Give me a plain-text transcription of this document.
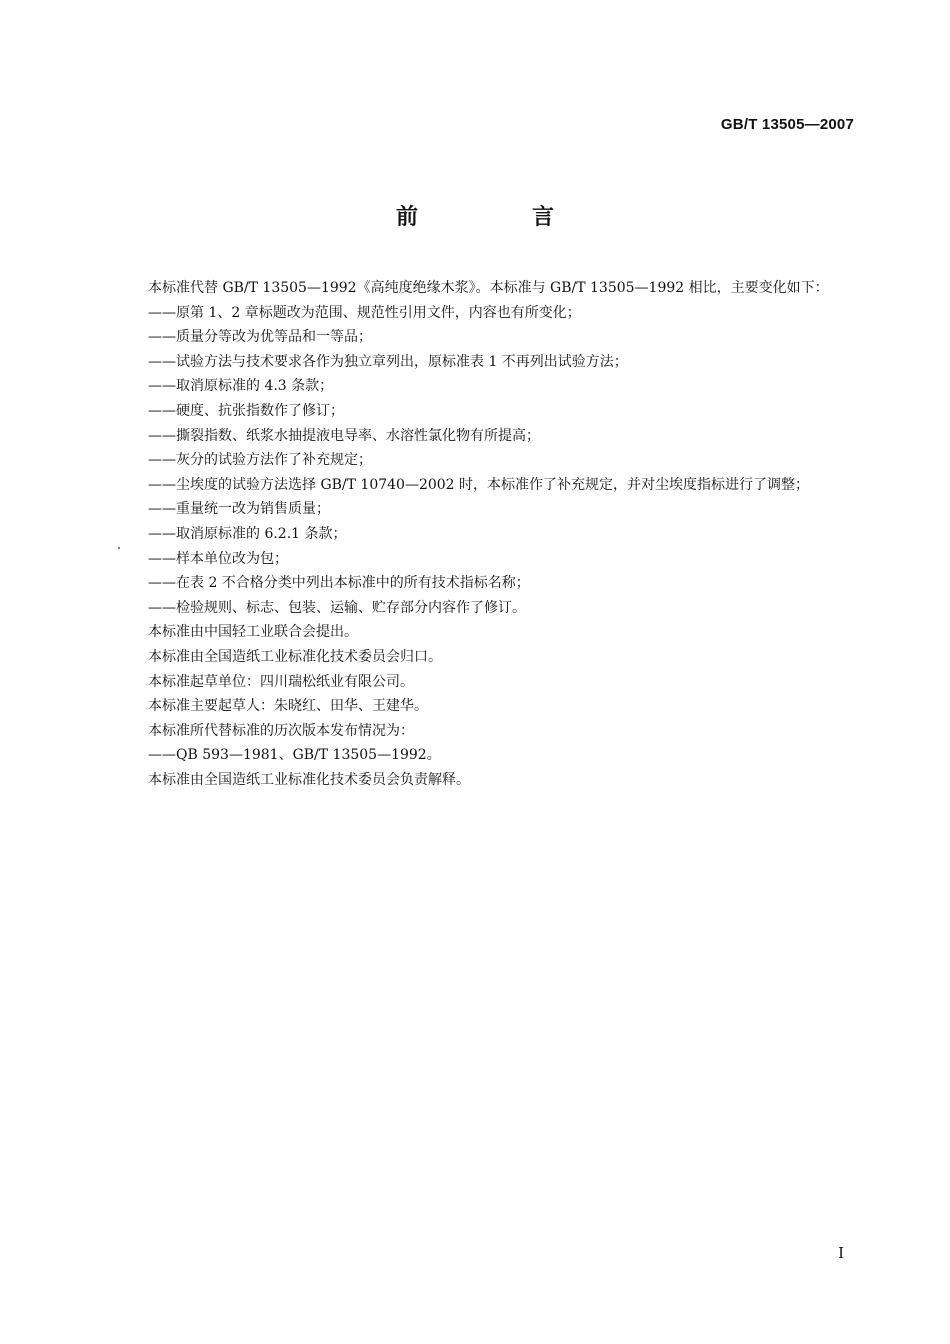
GB/T 13505—2007
前　言

本标准代替 GB/T 13505—1992《高纯度绝缘木浆》。本标准与 GB/T 13505—1992 相比，主要变化如下：

——原第 1、2 章标题改为范围、规范性引用文件，内容也有所变化；

——质量分等改为优等品和一等品；

——试验方法与技术要求各作为独立章列出，原标准表 1 不再列出试验方法；

——取消原标准的 4.3 条款；

——硬度、抗张指数作了修订；

——撕裂指数、纸浆水抽提液电导率、水溶性氯化物有所提高；

——灰分的试验方法作了补充规定；

——尘埃度的试验方法选择 GB/T 10740—2002 时，本标准作了补充规定，并对尘埃度指标进行了调整；

——重量统一改为销售质量；

——取消原标准的 6.2.1 条款；

——样本单位改为包；

——在表 2 不合格分类中列出本标准中的所有技术指标名称；

——检验规则、标志、包装、运输、贮存部分内容作了修订。

本标准由中国轻工业联合会提出。

本标准由全国造纸工业标准化技术委员会归口。

本标准起草单位：四川瑞松纸业有限公司。

本标准主要起草人：朱晓红、田华、王建华。

本标准所代替标准的历次版本发布情况为：

——QB 593—1981、GB/T 13505—1992。

本标准由全国造纸工业标准化技术委员会负责解释。

I
